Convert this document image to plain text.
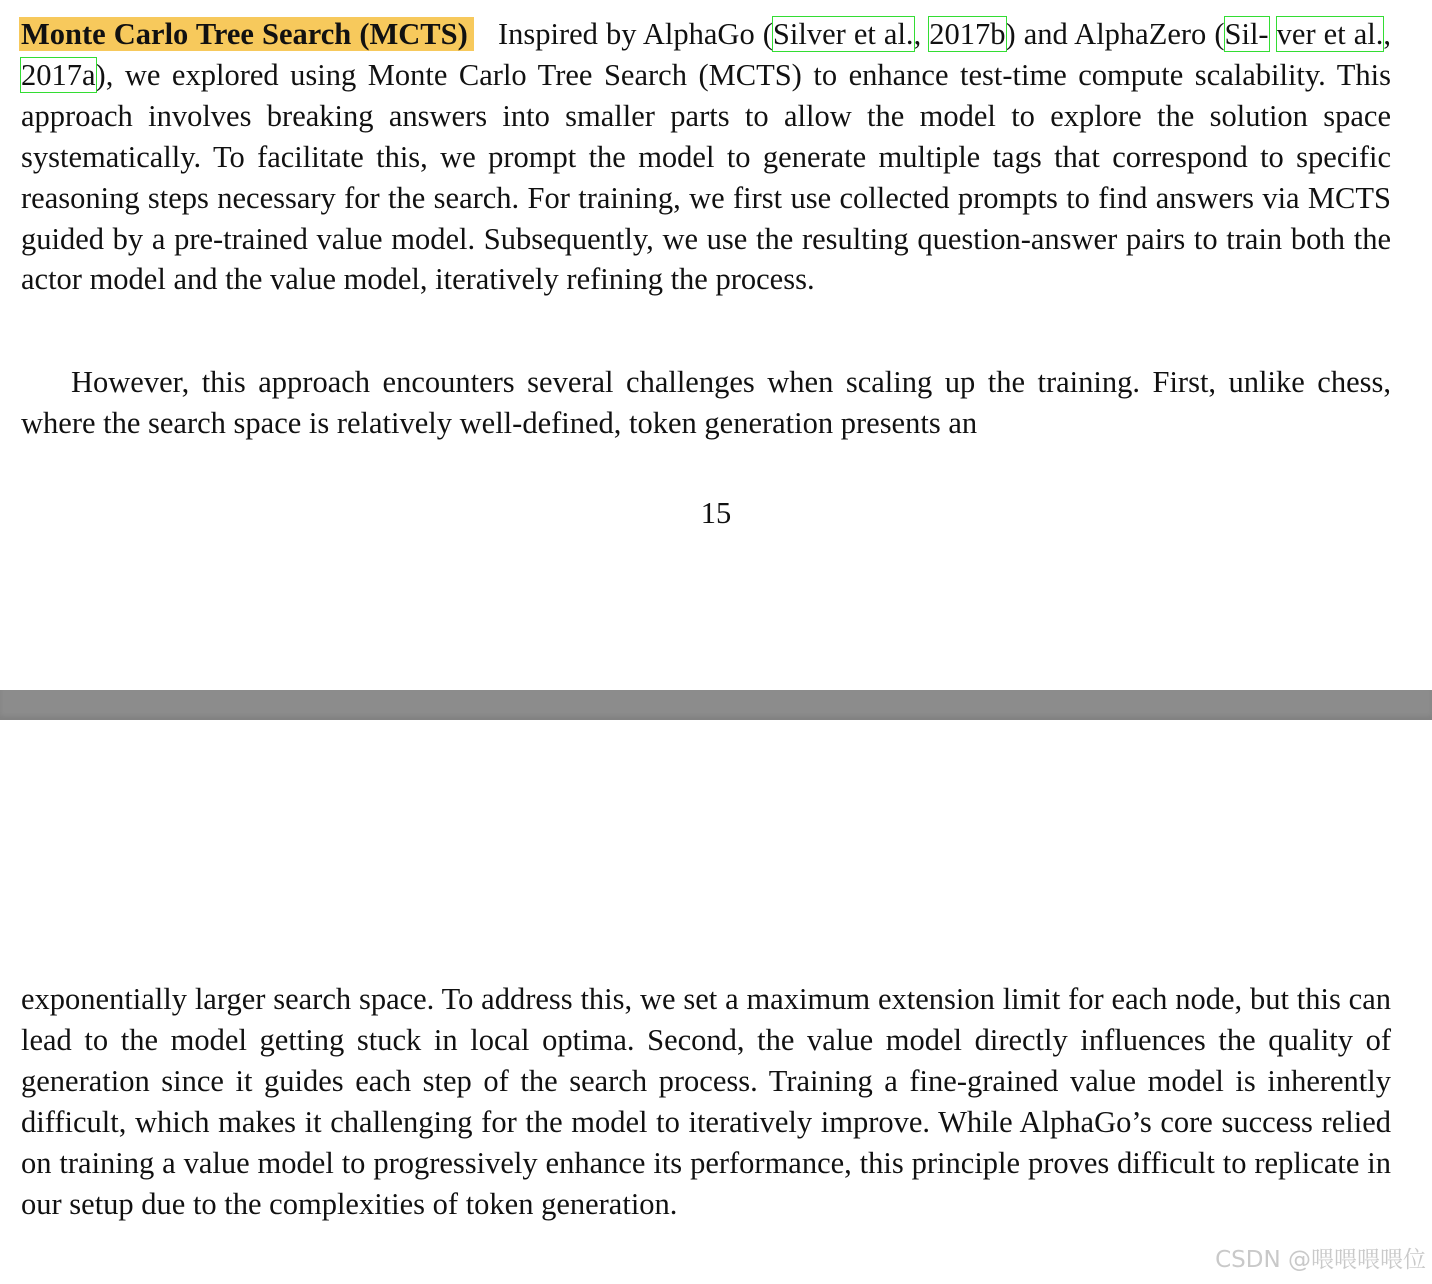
Monte Carlo Tree Search (MCTS) Inspired by AlphaGo (Silver et al., 2017b) and AlphaZero (Sil- ver et al., 2017a), we explored using Monte Carlo Tree Search (MCTS) to enhance test-time compute scalability. This approach involves breaking answers into smaller parts to allow the model to explore the solution space systematically. To facilitate this, we prompt the model to generate multiple tags that correspond to specific reasoning steps necessary for the search. For training, we first use collected prompts to find answers via MCTS guided by a pre-trained value model. Subsequently, we use the resulting question-answer pairs to train both the actor model and the value model, iteratively refining the process.
However, this approach encounters several challenges when scaling up the training. First, unlike chess, where the search space is relatively well-defined, token generation presents an
15
exponentially larger search space. To address this, we set a maximum extension limit for each node, but this can lead to the model getting stuck in local optima. Second, the value model directly influences the quality of generation since it guides each step of the search process. Training a fine-grained value model is inherently difficult, which makes it challenging for the model to iteratively improve. While AlphaGo’s core success relied on training a value model to progressively enhance its performance, this principle proves difficult to replicate in our setup due to the complexities of token generation.
CSDN @喂喂喂喂位
